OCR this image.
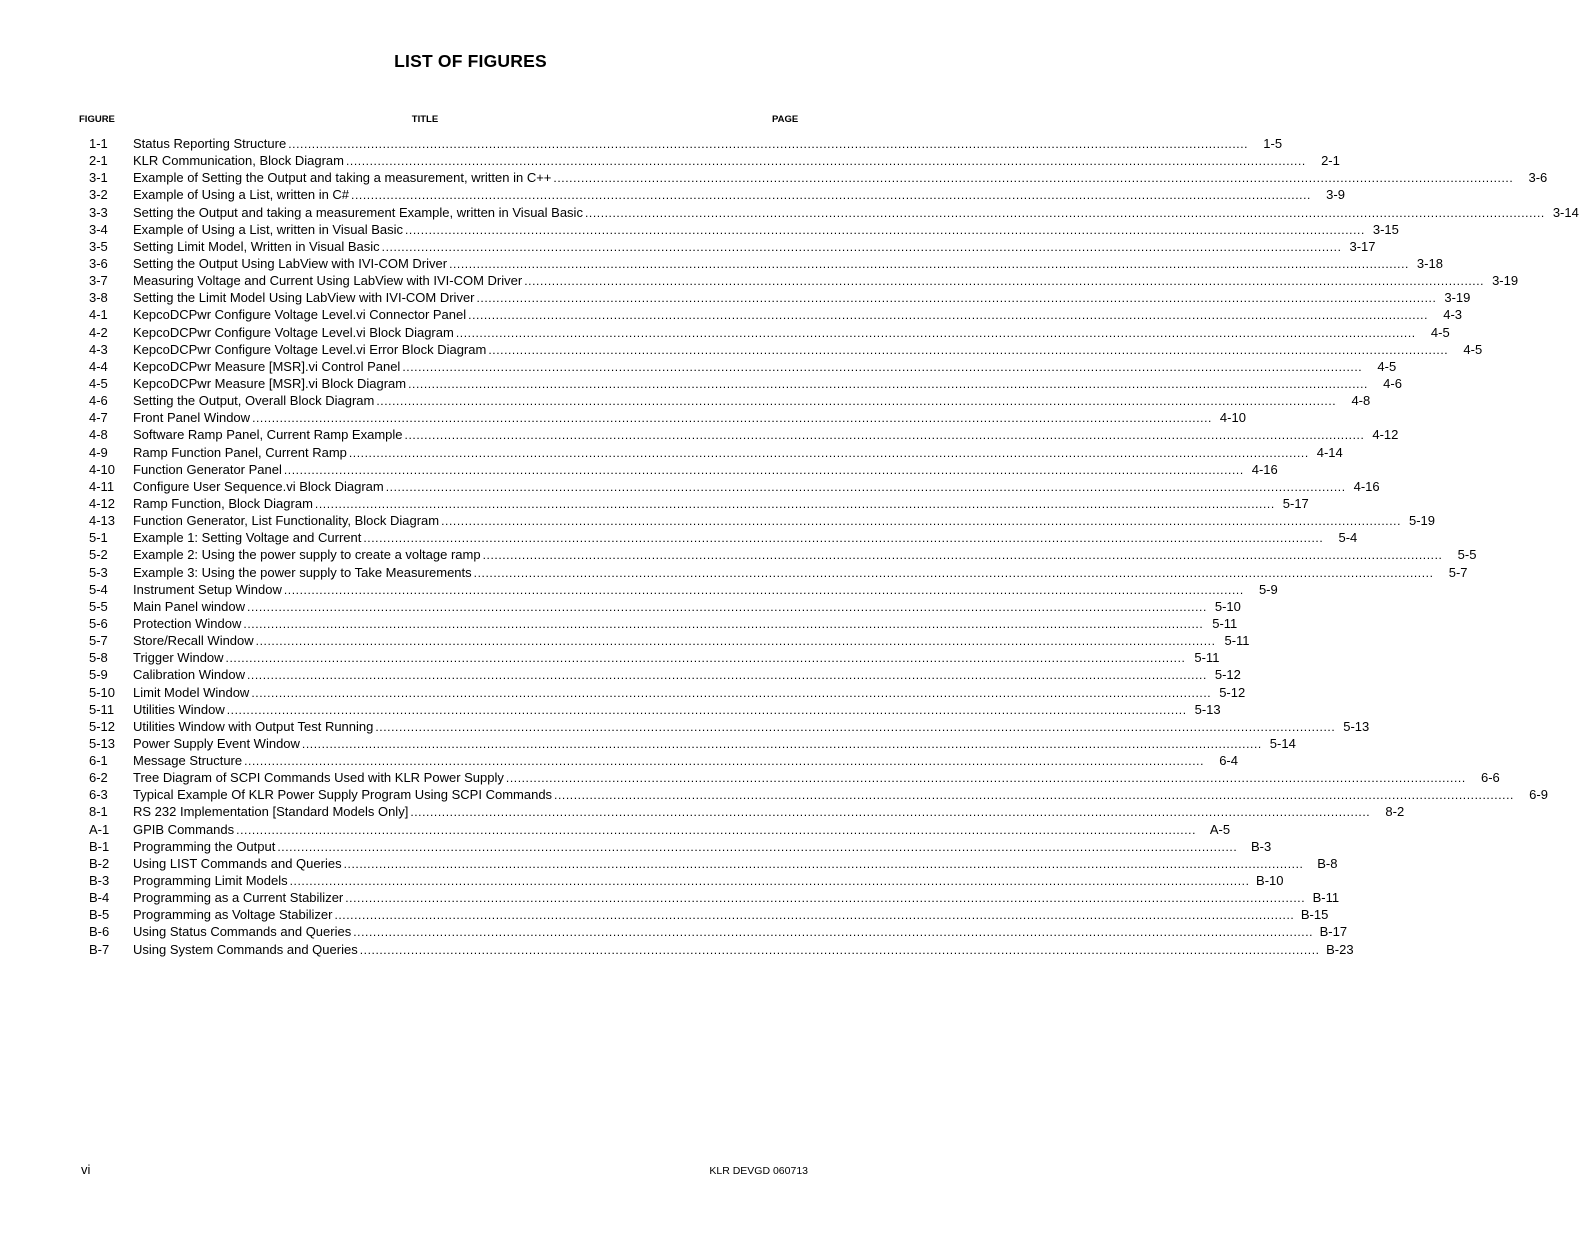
LIST OF FIGURES
FIGURE	TITLE	PAGE
1-1	Status Reporting Structure .....	1-5
2-1	KLR Communication, Block Diagram .....	2-1
3-1	Example of Setting the Output and taking a measurement, written in C++ .....	3-6
3-2	Example of Using a List, written in C# .....	3-9
3-3	Setting the Output and taking a measurement Example, written in Visual Basic .....	3-14
3-4	Example of Using a List, written in Visual Basic .....	3-15
3-5	Setting Limit Model, Written in Visual Basic .....	3-17
3-6	Setting the Output Using LabView with IVI-COM Driver .....	3-18
3-7	Measuring Voltage and Current Using LabView with IVI-COM Driver .....	3-19
3-8	Setting the Limit Model Using LabView with IVI-COM Driver .....	3-19
4-1	KepcoDCPwr Configure Voltage Level.vi Connector Panel .....	4-3
4-2	KepcoDCPwr Configure Voltage Level.vi Block Diagram .....	4-5
4-3	KepcoDCPwr Configure Voltage Level.vi Error Block Diagram .....	4-5
4-4	KepcoDCPwr Measure [MSR].vi Control Panel .....	4-5
4-5	KepcoDCPwr Measure [MSR].vi Block Diagram .....	4-6
4-6	Setting the Output, Overall Block Diagram .....	4-8
4-7	Front Panel Window .....	4-10
4-8	Software Ramp Panel, Current Ramp Example .....	4-12
4-9	Ramp Function Panel, Current Ramp .....	4-14
4-10	Function Generator Panel .....	4-16
4-11	Configure User Sequence.vi Block Diagram .....	4-16
4-12	Ramp Function, Block Diagram .....	5-17
4-13	Function Generator, List Functionality, Block Diagram .....	5-19
5-1	Example 1: Setting Voltage and Current .....	5-4
5-2	Example 2: Using the power supply to create a voltage ramp .....	5-5
5-3	Example 3: Using the power supply to Take Measurements .....	5-7
5-4	Instrument Setup Window .....	5-9
5-5	Main Panel window .....	5-10
5-6	Protection Window .....	5-11
5-7	Store/Recall Window .....	5-11
5-8	Trigger Window .....	5-11
5-9	Calibration Window .....	5-12
5-10	Limit Model Window .....	5-12
5-11	Utilities Window .....	5-13
5-12	Utilities Window with Output Test Running .....	5-13
5-13	Power Supply Event Window .....	5-14
6-1	Message Structure .....	6-4
6-2	Tree Diagram of SCPI Commands Used with KLR Power Supply .....	6-6
6-3	Typical Example Of KLR Power Supply Program Using SCPI Commands .....	6-9
8-1	RS 232 Implementation [Standard Models Only] .....	8-2
A-1	GPIB Commands .....	A-5
B-1	Programming the Output .....	B-3
B-2	Using LIST Commands and Queries .....	B-8
B-3	Programming Limit Models .....	B-10
B-4	Programming as a Current Stabilizer .....	B-11
B-5	Programming as Voltage Stabilizer .....	B-15
B-6	Using Status Commands and Queries .....	B-17
B-7	Using System Commands and Queries .....	B-23
vi	KLR DEVGD 060713
